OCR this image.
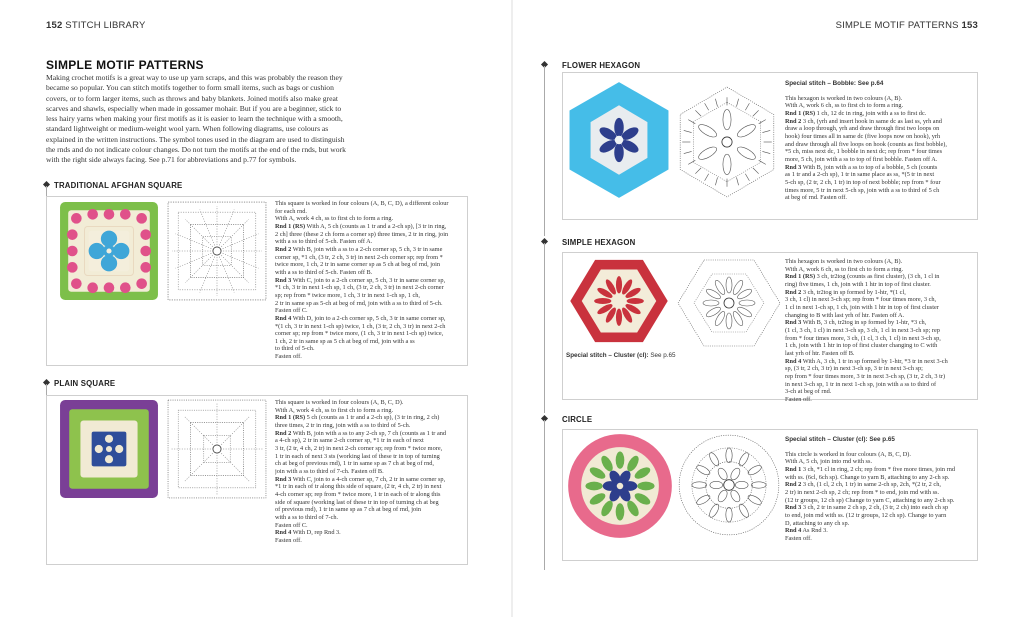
152 STITCH LIBRARY	SIMPLE MOTIF PATTERNS 153
SIMPLE MOTIF PATTERNS
Making crochet motifs is a great way to use up yarn scraps, and this was probably the reason they became so popular. You can stitch motifs together to form small items, such as bags or cushion covers, or to form larger items, such as throws and baby blankets. Joined motifs also make great scarves and shawls, especially when made in gossamer mohair. But if you are a beginner, stick to less hairy yarns when making your first motifs as it is easier to learn the technique with a smooth, standard lightweight or medium-weight wool yarn. When following diagrams, use colours as explained in the written instructions. The symbol tones used in the diagram are used to distinguish the rnds and do not indicate colour changes. Do not turn the motifs at the end of the rnds, but work with the right side always facing. See p.71 for abbreviations and p.77 for symbols.
TRADITIONAL AFGHAN SQUARE
This square is worked in four colours (A, B, C, D), a different colour
for each rnd.
With A, work 4 ch, ss to first ch to form a ring.
Rnd 1 (RS) With A, 5 ch (counts as 1 tr and a 2-ch sp), [3 tr in ring,
2 ch] three (these 2 ch form a corner sp) three times, 2 tr in ring, join
with a ss to third of 5-ch. Fasten off A.
Rnd 2 With B, join with a ss to a 2-ch corner sp, 5 ch, 3 tr in same
corner sp, *1 ch, (3 tr, 2 ch, 3 tr) in next 2-ch corner sp; rep from *
twice more, 1 ch, 2 tr in same corner sp as 5 ch at beg of rnd, join
with a ss to third of 5-ch. Fasten off B.
Rnd 3 With C, join to a 2-ch corner sp, 5 ch, 3 tr in same corner sp,
*1 ch, 3 tr in next 1-ch sp, 1 ch, (3 tr, 2 ch, 3 tr) in next 2-ch corner
sp; rep from * twice more, 1 ch, 3 tr in next 1-ch sp, 1 ch,
2 tr in same sp as 5-ch at beg of rnd, join with a ss to third of 5-ch.
Fasten off C.
Rnd 4 With D, join to a 2-ch corner sp, 5 ch, 3 tr in same corner sp,
*(1 ch, 3 tr in next 1-ch sp) twice, 1 ch, (3 tr, 2 ch, 3 tr) in next 2-ch
corner sp; rep from * twice more, (1 ch, 3 tr in next 1-ch sp) twice,
1 ch, 2 tr in same sp as 5 ch at beg of rnd, join with a ss
to third of 5-ch.
Fasten off.
PLAIN SQUARE
This square is worked in four colours (A, B, C, D).
With A, work 4 ch, ss to first ch to form a ring.
Rnd 1 (RS) 5 ch (counts as 1 tr and a 2-ch sp), (3 tr in ring, 2 ch)
three times, 2 tr in ring, join with a ss to third of 5-ch.
Rnd 2 With B, join with a ss to any 2-ch sp, 7 ch (counts as 1 tr and
a 4-ch sp), 2 tr in same 2-ch corner sp, *1 tr in each of next
3 tr, (2 tr, 4 ch, 2 tr) in next 2-ch corner sp; rep from * twice more,
1 tr in each of next 3 sts (working last of these tr in top of turning
ch at beg of previous rnd), 1 tr in same sp as 7 ch at beg of rnd,
join with a ss to third of 7-ch. Fasten off B.
Rnd 3 With C, join to a 4-ch corner sp, 7 ch, 2 tr in same corner sp,
*1 tr in each of tr along this side of square, (2 tr, 4 ch, 2 tr) in next
4-ch corner sp; rep from * twice more, 1 tr in each of tr along this
side of square (working last of these tr in top of turning ch at beg
of previous rnd), 1 tr in same sp as 7 ch at beg of rnd, join
with a ss to third of 7-ch.
Fasten off C.
Rnd 4 With D, rep Rnd 3.
Fasten off.
FLOWER HEXAGON
Special stitch – Bobble: See p.64
This hexagon is worked in two colours (A, B).
With A, work 6 ch, ss to first ch to form a ring.
Rnd 1 (RS) 1 ch, 12 dc in ring, join with a ss to first dc.
Rnd 2 3 ch, (yrh and insert hook in same dc as last ss, yrh and
draw a loop through, yrh and draw through first two loops on
hook) four times all in same dc (five loops now on hook), yrh
and draw through all five loops on hook (counts as first bobble),
*5 ch, miss next dc, 1 bobble in next dc; rep from * four times
more, 5 ch, join with a ss to top of first bobble. Fasten off A.
Rnd 3 With B, join with a ss to top of a bobble, 5 ch (counts
as 1 tr and a 2-ch sp), 1 tr in same place as ss, *(5 tr in next
5-ch sp, (2 tr, 2 ch, 1 tr) in top of next bobble; rep from * four
times more, 5 tr in next 5-ch sp, join with a ss to third of 5 ch
at beg of rnd. Fasten off.
SIMPLE HEXAGON
Special stitch – Cluster (cl): See p.65
This hexagon is worked in two colours (A, B).
With A, work 6 ch, ss to first ch to form a ring.
Rnd 1 (RS) 3 ch, tr2tog (counts as first cluster), (3 ch, 1 cl in
ring) five times, 1 ch, join with 1 htr in top of first cluster.
Rnd 2 3 ch, tr2tog in sp formed by 1-htr, *(1 cl,
3 ch, 1 cl) in next 3-ch sp; rep from * four times more, 3 ch,
1 cl in next 1-ch sp, 1 ch, join with 1 htr in top of first cluster
changing to B with last yrh of htr. Fasten off A.
Rnd 3 With B, 3 ch, tr2tog in sp formed by 1-htr, *3 ch,
(1 cl, 3 ch, 1 cl) in next 3-ch sp, 3 ch, 1 cl in next 3-ch sp; rep
from * four times more, 3 ch, (1 cl, 3 ch, 1 cl) in next 3-ch sp,
1 ch, join with 1 htr in top of first cluster changing to C with
last yrh of htr. Fasten off B.
Rnd 4 With A, 3 ch, 1 tr in sp formed by 1-htr, *3 tr in next 3-ch
sp, (3 tr, 2 ch, 3 tr) in next 3-ch sp, 3 tr in next 3-ch sp;
rep from * four times more, 3 tr in next 3-ch sp, (3 tr, 2 ch, 3 tr)
in next 3-ch sp, 1 tr in next 1-ch sp, join with a ss to third of
3-ch at beg of rnd.
Fasten off.
CIRCLE
Special stitch – Cluster (cl): See p.65
This circle is worked in four colours (A, B, C, D).
With A, 5 ch, join into rnd with ss.
Rnd 1 3 ch, *1 cl in ring, 2 ch; rep from * five more times, join rnd
with ss. (6cl, 6ch sp). Change to yarn B, attaching to any 2-ch sp.
Rnd 2 3 ch, (1 cl, 2 ch, 1 tr) in same 2-ch sp, 2ch, *(2 tr, 2 ch,
2 tr) in next 2-ch sp, 2 ch; rep from * to end, join rnd with ss.
(12 tr groups, 12 ch sp) Change to yarn C, attaching to any 2-ch sp.
Rnd 3 3 ch, 2 tr in same 2 ch sp, 2 ch, (3 tr, 2 ch) into each ch sp
to end, join rnd with ss. (12 tr groups, 12 ch sp). Change to yarn
D, attaching to any ch sp.
Rnd 4 As Rnd 3.
Fasten off.
